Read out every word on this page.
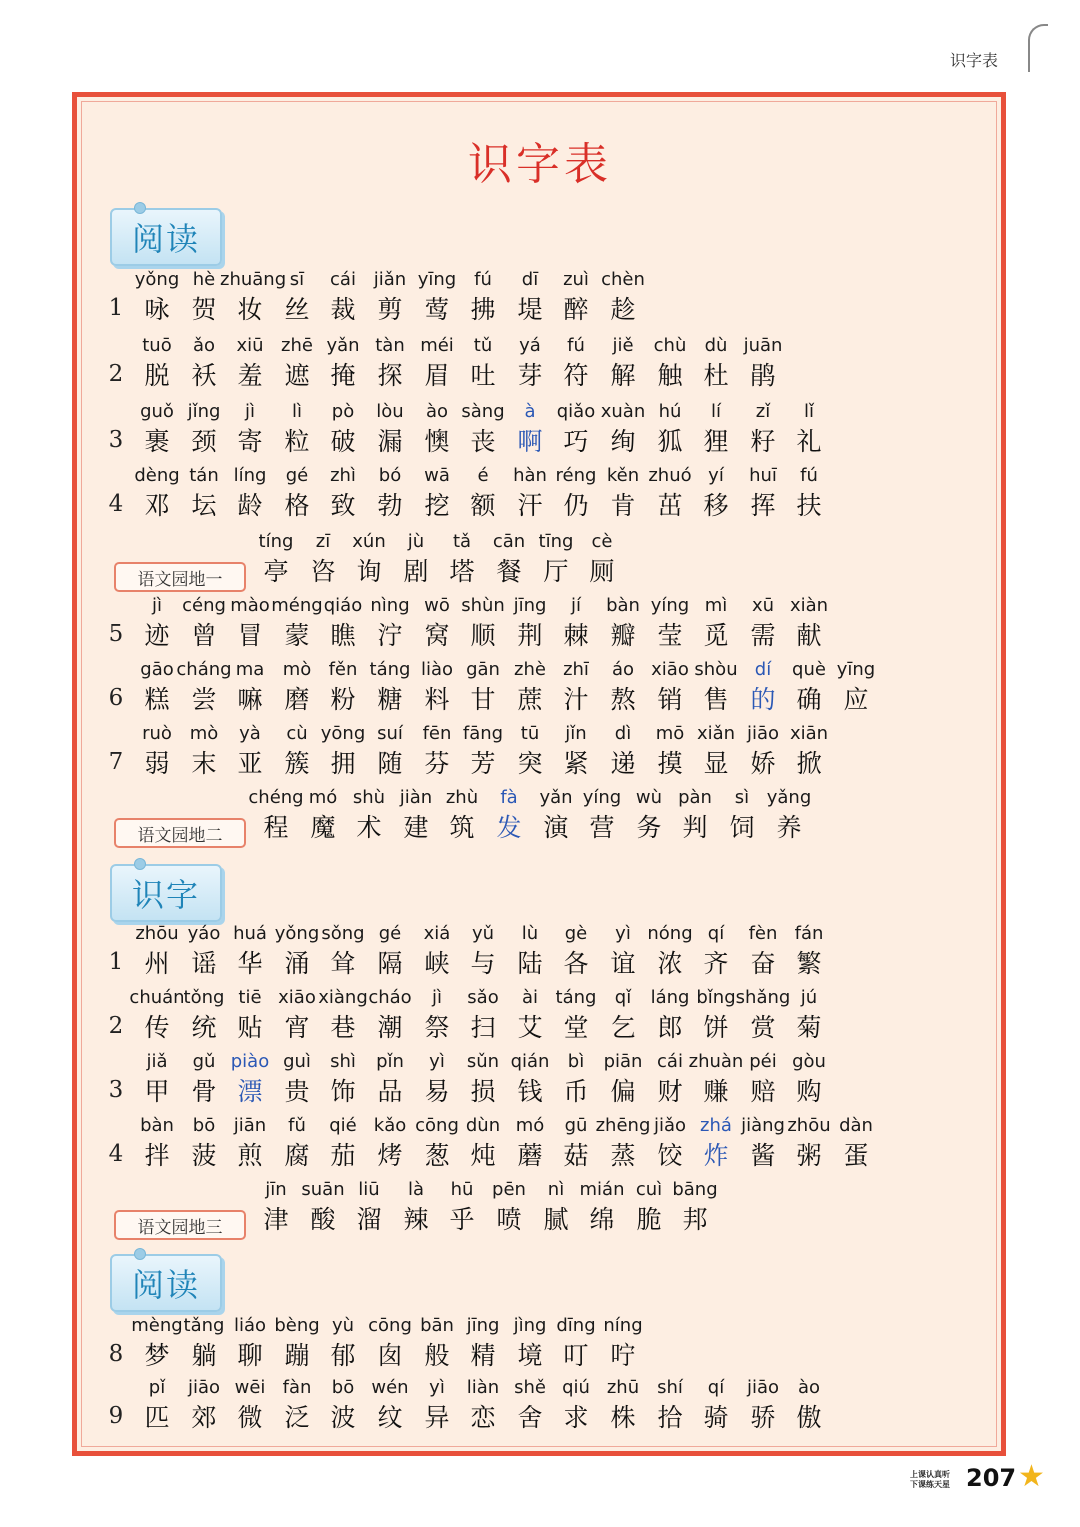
识字表
识字表
阅读
1
yǒng
咏
hè
贺
zhuāng
妆
sī
丝
cái
裁
jiǎn
剪
yīng
莺
fú
拂
dī
堤
zuì
醉
chèn
趁
2
tuō
脱
ǎo
袄
xiū
羞
zhē
遮
yǎn
掩
tàn
探
méi
眉
tǔ
吐
yá
芽
fú
符
jiě
解
chù
触
dù
杜
juān
鹃
3
guǒ
裹
jǐng
颈
jì
寄
lì
粒
pò
破
lòu
漏
ào
懊
sàng
丧
à
啊
qiǎo
巧
xuàn
绚
hú
狐
lí
狸
zǐ
籽
lǐ
礼
4
dèng
邓
tán
坛
líng
龄
gé
格
zhì
致
bó
勃
wā
挖
é
额
hàn
汗
réng
仍
kěn
肯
zhuó
茁
yí
移
huī
挥
fú
扶
语文园地一
tíng
亭
zī
咨
xún
询
jù
剧
tǎ
塔
cān
餐
tīng
厅
cè
厕
5
jì
迹
céng
曾
mào
冒
méng
蒙
qiáo
瞧
nìng
泞
wō
窝
shùn
顺
jīng
荆
jí
棘
bàn
瓣
yíng
莹
mì
觅
xū
需
xiàn
献
6
gāo
糕
cháng
尝
ma
嘛
mò
磨
fěn
粉
táng
糖
liào
料
gān
甘
zhè
蔗
zhī
汁
áo
熬
xiāo
销
shòu
售
dí
的
què
确
yīng
应
7
ruò
弱
mò
末
yà
亚
cù
簇
yōng
拥
suí
随
fēn
芬
fāng
芳
tū
突
jǐn
紧
dì
递
mō
摸
xiǎn
显
jiāo
娇
xiān
掀
语文园地二
chéng
程
mó
魔
shù
术
jiàn
建
zhù
筑
fà
发
yǎn
演
yíng
营
wù
务
pàn
判
sì
饲
yǎng
养
识字
1
zhōu
州
yáo
谣
huá
华
yǒng
涌
sǒng
耸
gé
隔
xiá
峡
yǔ
与
lù
陆
gè
各
yì
谊
nóng
浓
qí
齐
fèn
奋
fán
繁
2
chuán
传
tǒng
统
tiē
贴
xiāo
宵
xiàng
巷
cháo
潮
jì
祭
sǎo
扫
ài
艾
táng
堂
qǐ
乞
láng
郎
bǐng
饼
shǎng
赏
jú
菊
3
jiǎ
甲
gǔ
骨
piào
漂
guì
贵
shì
饰
pǐn
品
yì
易
sǔn
损
qián
钱
bì
币
piān
偏
cái
财
zhuàn
赚
péi
赔
gòu
购
4
bàn
拌
bō
菠
jiān
煎
fǔ
腐
qié
茄
kǎo
烤
cōng
葱
dùn
炖
mó
蘑
gū
菇
zhēng
蒸
jiǎo
饺
zhá
炸
jiàng
酱
zhōu
粥
dàn
蛋
语文园地三
jīn
津
suān
酸
liū
溜
là
辣
hū
乎
pēn
喷
nì
腻
mián
绵
cuì
脆
bāng
邦
阅读
8
mèng
梦
tǎng
躺
liáo
聊
bèng
蹦
yù
郁
cōng
囱
bān
般
jīng
精
jìng
境
dīng
叮
níng
咛
9
pǐ
匹
jiāo
郊
wēi
微
fàn
泛
bō
波
wén
纹
yì
异
liàn
恋
shě
舍
qiú
求
zhū
株
shí
拾
qí
骑
jiāo
骄
ào
傲
上课认真听
下课练天星 207 ★
